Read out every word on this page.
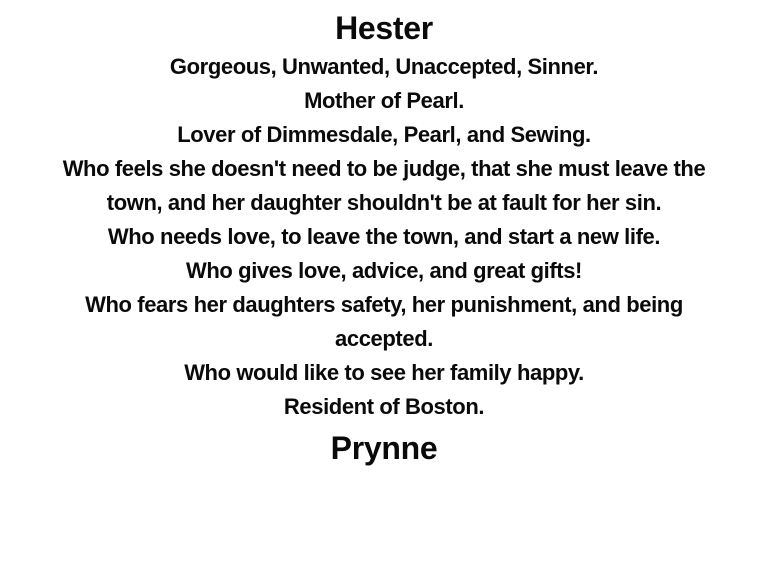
Hester
Gorgeous, Unwanted, Unaccepted, Sinner.
Mother of Pearl.
Lover of Dimmesdale, Pearl, and Sewing.
Who feels she doesn't need to be judge, that she must leave the
town, and her daughter shouldn't be at fault for her sin.
Who needs love, to leave the town, and start a new life.
Who gives love, advice, and great gifts!
Who fears her daughters safety, her punishment, and being
accepted.
Who would like to see her family happy.
Resident of Boston.
Prynne
